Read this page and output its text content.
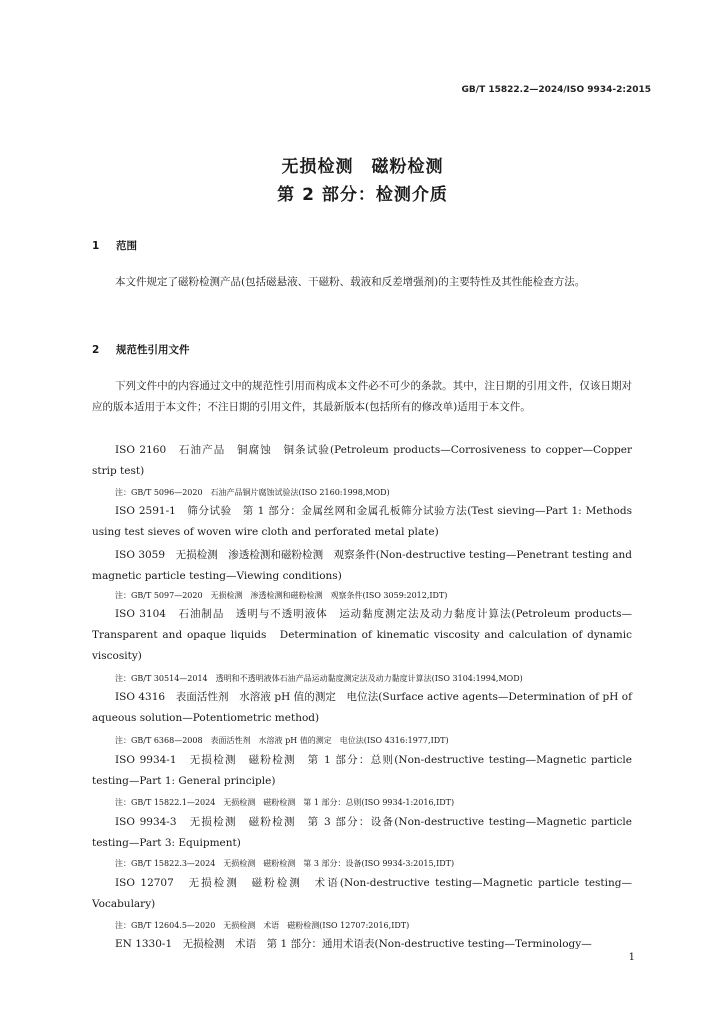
GB/T 15822.2—2024/ISO 9934-2:2015
无损检测　磁粉检测
第 2 部分：检测介质
1 范围
本文件规定了磁粉检测产品(包括磁悬液、干磁粉、载液和反差增强剂)的主要特性及其性能检查方法。
2 规范性引用文件
下列文件中的内容通过文中的规范性引用而构成本文件必不可少的条款。其中，注日期的引用文件，仅该日期对应的版本适用于本文件；不注日期的引用文件，其最新版本(包括所有的修改单)适用于本文件。
ISO 2160　 石油产品　铜腐蚀　铜条试验(Petroleum products—Corrosiveness to copper—Copper strip test)
注：GB/T 5096—2020　石油产品铜片腐蚀试验法(ISO 2160:1998,MOD)
ISO 2591-1　 筛分试验　第 1 部分：金属丝网和金属孔板筛分试验方法(Test sieving—Part 1: Methods using test sieves of woven wire cloth and perforated metal plate)
ISO 3059　 无损检测　渗透检测和磁粉检测　观察条件(Non-destructive testing—Penetrant testing and magnetic particle testing—Viewing conditions)
注：GB/T 5097—2020　无损检测　渗透检测和磁粉检测　观察条件(ISO 3059:2012,IDT)
ISO 3104　 石油制品　透明与不透明液体　运动黏度测定法及动力黏度计算法(Petroleum products—Transparent and opaque liquids　Determination of kinematic viscosity and calculation of dynamic viscosity)
注：GB/T 30514—2014　透明和不透明液体石油产品运动黏度测定法及动力黏度计算法(ISO 3104:1994,MOD)
ISO 4316　 表面活性剂　水溶液 pH 值的测定　电位法(Surface active agents—Determination of pH of aqueous solution—Potentiometric method)
注：GB/T 6368—2008　表面活性剂　水溶液 pH 值的测定　电位法(ISO 4316:1977,IDT)
ISO 9934-1　 无损检测　磁粉检测　第 1 部分：总则(Non-destructive testing—Magnetic particle testing—Part 1: General principle)
注：GB/T 15822.1—2024　无损检测　磁粉检测　第 1 部分：总则(ISO 9934-1:2016,IDT)
ISO 9934-3　 无损检测　磁粉检测　第 3 部分：设备(Non-destructive testing—Magnetic particle testing—Part 3: Equipment)
注：GB/T 15822.3—2024　无损检测　磁粉检测　第 3 部分：设备(ISO 9934-3:2015,IDT)
ISO 12707　 无损检测　磁粉检测　术语(Non-destructive testing—Magnetic particle testing—Vocabulary)
注：GB/T 12604.5—2020　无损检测　术语　磁粉检测(ISO 12707:2016,IDT)
EN 1330-1　 无损检测　术语　第 1 部分：通用术语表(Non-destructive testing—Terminology—
1
